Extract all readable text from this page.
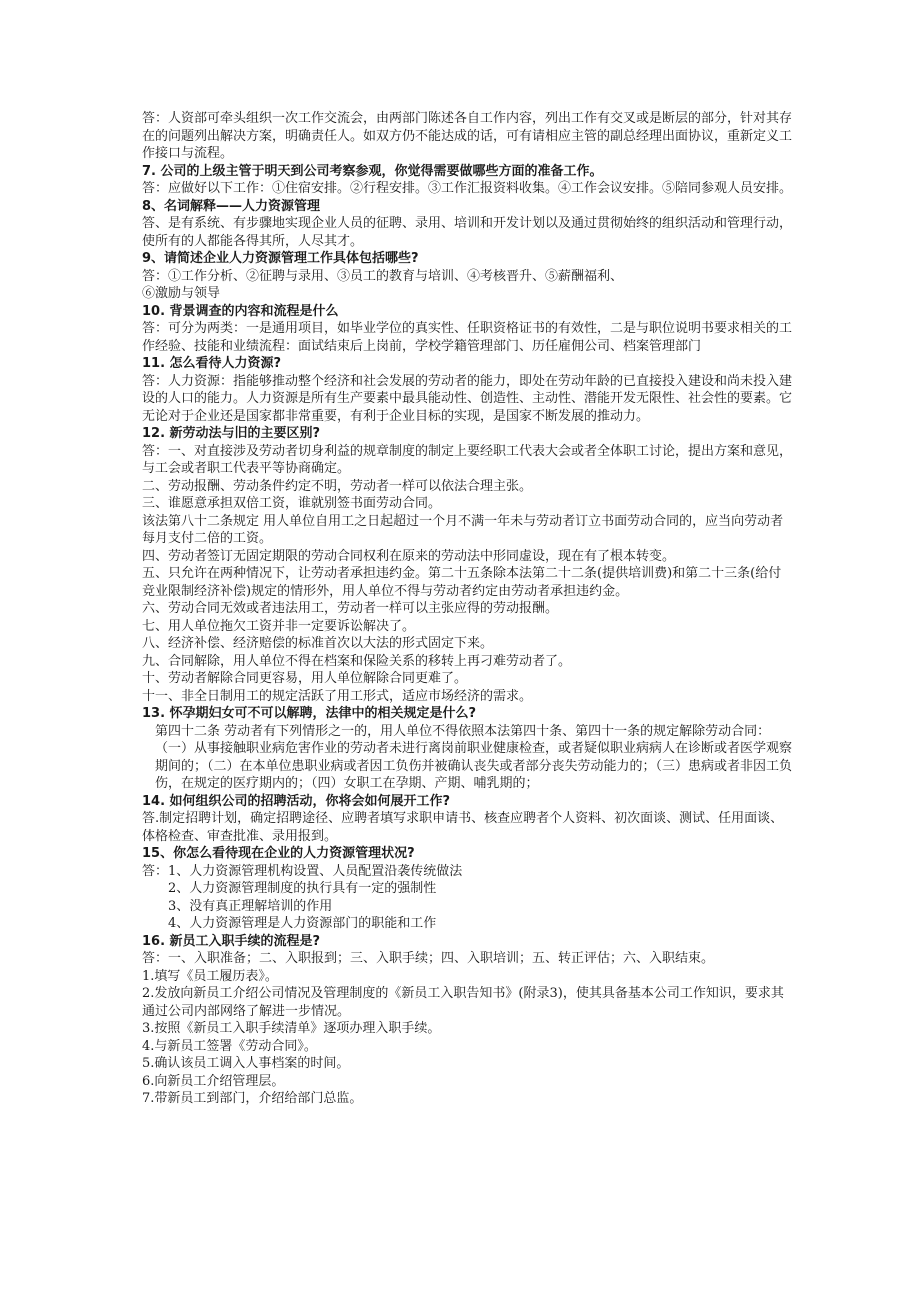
答：人资部可牵头组织一次工作交流会，由两部门陈述各自工作内容，列出工作有交叉或是断层的部分，针对其存在的问题列出解决方案，明确责任人。如双方仍不能达成的话，可有请相应主管的副总经理出面协议，重新定义工作接口与流程。

7. 公司的上级主管于明天到公司考察参观，你觉得需要做哪些方面的准备工作。

答：应做好以下工作：①住宿安排。②行程安排。③工作汇报资料收集。④工作会议安排。⑤陪同参观人员安排。

8、名词解释——人力资源管理

答、是有系统、有步骤地实现企业人员的征聘、录用、培训和开发计划以及通过贯彻始终的组织活动和管理行动，使所有的人都能各得其所，人尽其才。

9、请简述企业人力资源管理工作具体包括哪些?

答：①工作分析、②征聘与录用、③员工的教育与培训、④考核晋升、⑤薪酬福利、

⑥激励与领导

10. 背景调查的内容和流程是什么

答：可分为两类：一是通用项目，如毕业学位的真实性、任职资格证书的有效性，二是与职位说明书要求相关的工作经验、技能和业绩流程：面试结束后上岗前，学校学籍管理部门、历任雇佣公司、档案管理部门

11. 怎么看待人力资源?

答：人力资源：指能够推动整个经济和社会发展的劳动者的能力，即处在劳动年龄的已直接投入建设和尚未投入建设的人口的能力。人力资源是所有生产要素中最具能动性、创造性、主动性、潜能开发无限性、社会性的要素。它无论对于企业还是国家都非常重要，有利于企业目标的实现，是国家不断发展的推动力。

12. 新劳动法与旧的主要区别?

答：一、对直接涉及劳动者切身利益的规章制度的制定上要经职工代表大会或者全体职工讨论，提出方案和意见，与工会或者职工代表平等协商确定。

二、劳动报酬、劳动条件约定不明，劳动者一样可以依法合理主张。

三、谁愿意承担双倍工资，谁就别签书面劳动合同。

该法第八十二条规定 用人单位自用工之日起超过一个月不满一年未与劳动者订立书面劳动合同的，应当向劳动者每月支付二倍的工资。

四、劳动者签订无固定期限的劳动合同权利在原来的劳动法中形同虚设，现在有了根本转变。

五、只允许在两种情况下，让劳动者承担违约金。第二十五条除本法第二十二条(提供培训费)和第二十三条(给付竞业限制经济补偿)规定的情形外，用人单位不得与劳动者约定由劳动者承担违约金。

六、劳动合同无效或者违法用工，劳动者一样可以主张应得的劳动报酬。

七、用人单位拖欠工资并非一定要诉讼解决了。

八、经济补偿、经济赔偿的标准首次以大法的形式固定下来。

九、合同解除，用人单位不得在档案和保险关系的移转上再刁难劳动者了。

十、劳动者解除合同更容易，用人单位解除合同更难了。

十一、非全日制用工的规定活跃了用工形式，适应市场经济的需求。

13. 怀孕期妇女可不可以解聘，法律中的相关规定是什么?

第四十二条 劳动者有下列情形之一的，用人单位不得依照本法第四十条、第四十一条的规定解除劳动合同：（一）从事接触职业病危害作业的劳动者未进行离岗前职业健康检查，或者疑似职业病病人在诊断或者医学观察期间的；（二）在本单位患职业病或者因工负伤并被确认丧失或者部分丧失劳动能力的；（三）患病或者非因工负伤，在规定的医疗期内的；（四）女职工在孕期、产期、哺乳期的；

14. 如何组织公司的招聘活动，你将会如何展开工作?

答.制定招聘计划，确定招聘途径、应聘者填写求职申请书、核查应聘者个人资料、初次面谈、测试、任用面谈、体格检查、审查批准、录用报到。

15、你怎么看待现在企业的人力资源管理状况?

答：1、人力资源管理机构设置、人员配置沿袭传统做法

2、人力资源管理制度的执行具有一定的强制性

3、没有真正理解培训的作用

4、人力资源管理是人力资源部门的职能和工作

16. 新员工入职手续的流程是?

答：一、入职准备；二、入职报到；三、入职手续；四、入职培训；五、转正评估；六、入职结束。

1.填写《员工履历表》。

2.发放向新员工介绍公司情况及管理制度的《新员工入职告知书》(附录3)，使其具备基本公司工作知识，要求其通过公司内部网络了解进一步情况。

3.按照《新员工入职手续清单》逐项办理入职手续。

4.与新员工签署《劳动合同》。

5.确认该员工调入人事档案的时间。

6.向新员工介绍管理层。

7.带新员工到部门，介绍给部门总监。
